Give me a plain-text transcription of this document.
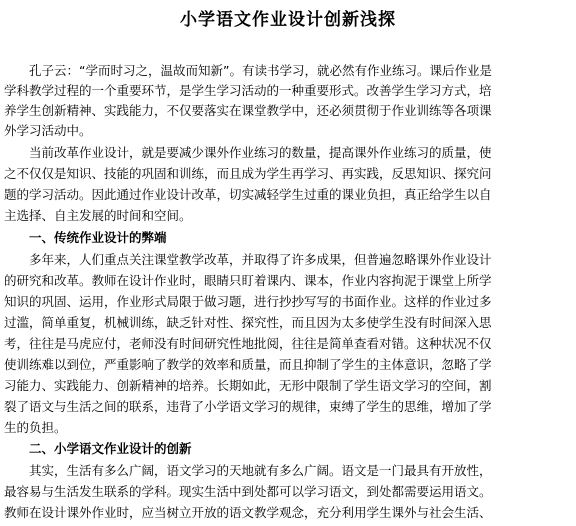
小学语文作业设计创新浅探
　　孔子云：“学而时习之，温故而知新”。有读书学习，就必然有作业练习。课后作业是
学科教学过程的一个重要环节，是学生学习活动的一种重要形式。改善学生学习方式，培
养学生创新精神、实践能力，不仅要落实在课堂教学中，还必须贯彻于作业训练等各项课
外学习活动中。
　　当前改革作业设计，就是要减少课外作业练习的数量，提高课外作业练习的质量，使
之不仅仅是知识、技能的巩固和训练，而且成为学生再学习、再实践，反思知识、探究问
题的学习活动。因此通过作业设计改革，切实减轻学生过重的课业负担，真正给学生以自
主选择、自主发展的时间和空间。
　　一、传统作业设计的弊端
　　多年来，人们重点关注课堂教学改革，并取得了许多成果，但普遍忽略课外作业设计
的研究和改革。教师在设计作业时，眼睛只盯着课内、课本，作业内容拘泥于课堂上所学
知识的巩固、运用，作业形式局限于做习题，进行抄抄写写的书面作业。这样的作业过多
过滥，简单重复，机械训练，缺乏针对性、探究性，而且因为太多使学生没有时间深入思
考，往往是马虎应付，老师没有时间研究性地批阅，往往是简单查看对错。这种状况不仅
使训练难以到位，严重影响了教学的效率和质量，而且抑制了学生的主体意识，忽略了学
习能力、实践能力、创新精神的培养。长期如此，无形中限制了学生语文学习的空间，割
裂了语文与生活之间的联系，违背了小学语文学习的规律，束缚了学生的思维，增加了学
生的负担。
　　二、小学语文作业设计的创新
　　其实，生活有多么广阔，语文学习的天地就有多么广阔。语文是一门最具有开放性，
最容易与生活发生联系的学科。现实生活中到处都可以学习语文，到处都需要运用语文。
教师在设计课外作业时，应当树立开放的语文教学观念，充分利用学生课外与社会生活、
